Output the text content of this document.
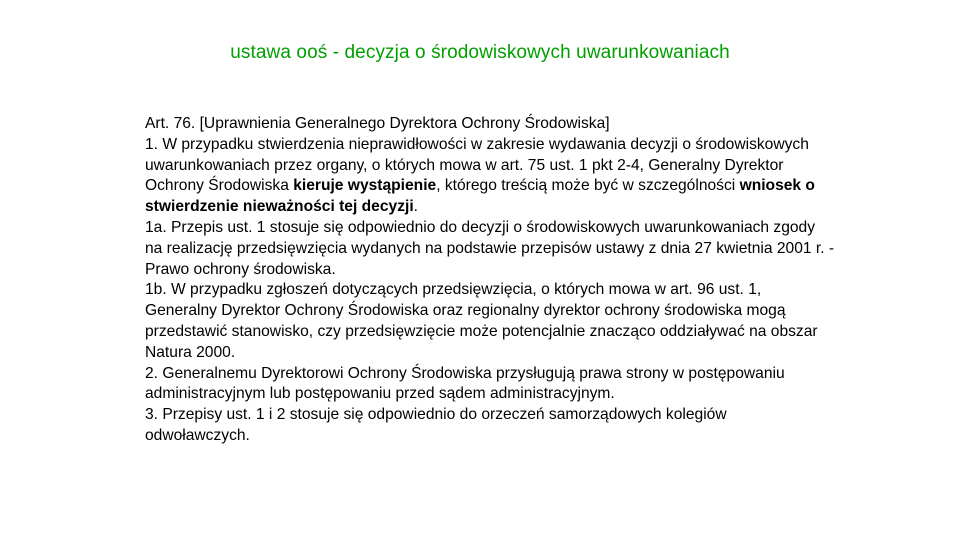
ustawa ooś - decyzja o środowiskowych uwarunkowaniach

Art. 76. [Uprawnienia Generalnego Dyrektora Ochrony Środowiska]

1. W przypadku stwierdzenia nieprawidłowości w zakresie wydawania decyzji o środowiskowych uwarunkowaniach przez organy, o których mowa w art. 75 ust. 1 pkt 2-4, Generalny Dyrektor Ochrony Środowiska kieruje wystąpienie, którego treścią może być w szczególności wniosek o stwierdzenie nieważności tej decyzji.

1a. Przepis ust. 1 stosuje się odpowiednio do decyzji o środowiskowych uwarunkowaniach zgody na realizację przedsięwzięcia wydanych na podstawie przepisów ustawy z dnia 27 kwietnia 2001 r. - Prawo ochrony środowiska.

1b. W przypadku zgłoszeń dotyczących przedsięwzięcia, o których mowa w art. 96 ust. 1, Generalny Dyrektor Ochrony Środowiska oraz regionalny dyrektor ochrony środowiska mogą przedstawić stanowisko, czy przedsięwzięcie może potencjalnie znacząco oddziaływać na obszar Natura 2000.

2. Generalnemu Dyrektorowi Ochrony Środowiska przysługują prawa strony w postępowaniu administracyjnym lub postępowaniu przed sądem administracyjnym.

3. Przepisy ust. 1 i 2 stosuje się odpowiednio do orzeczeń samorządowych kolegiów odwoławczych.
